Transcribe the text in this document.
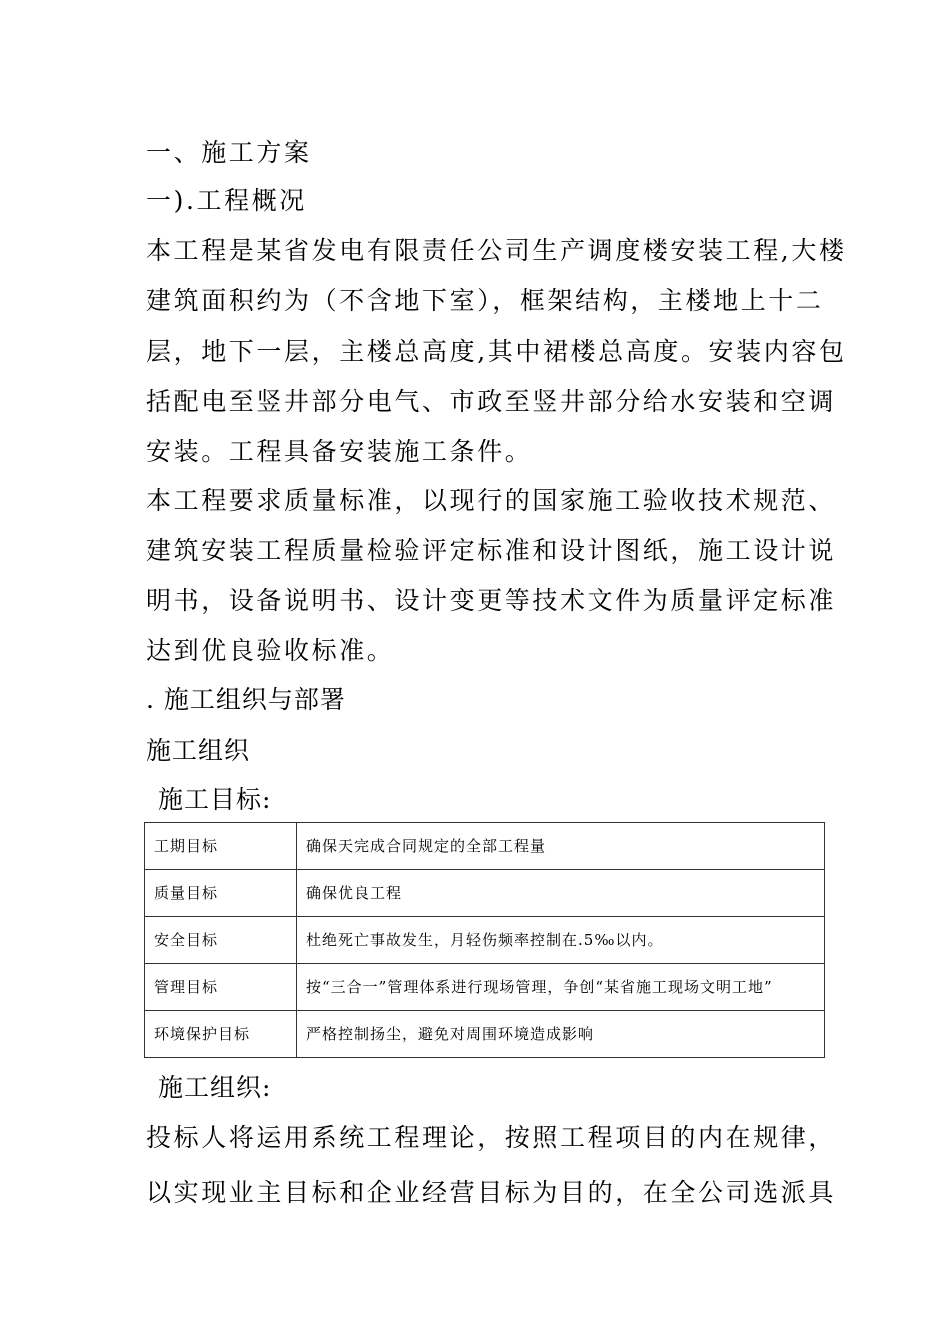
一、施工方案
一).工程概况
本工程是某省发电有限责任公司生产调度楼安装工程,大楼
建筑面积约为（不含地下室），框架结构，主楼地上十二
层，地下一层，主楼总高度,其中裙楼总高度。安装内容包
括配电至竖井部分电气、市政至竖井部分给水安装和空调
安装。工程具备安装施工条件。
本工程要求质量标准，以现行的国家施工验收技术规范、
建筑安装工程质量检验评定标准和设计图纸，施工设计说
明书，设备说明书、设计变更等技术文件为质量评定标准
达到优良验收标准。
. 施工组织与部署
施工组织
施工目标:
工期目标	确保天完成合同规定的全部工程量
质量目标	确保优良工程
安全目标	杜绝死亡事故发生，月轻伤频率控制在.5‰以内。
管理目标	按“三合一”管理体系进行现场管理，争创“某省施工现场文明工地”
环境保护目标	严格控制扬尘，避免对周围环境造成影响
施工组织:
投标人将运用系统工程理论，按照工程项目的内在规律，
以实现业主目标和企业经营目标为目的，在全公司选派具
